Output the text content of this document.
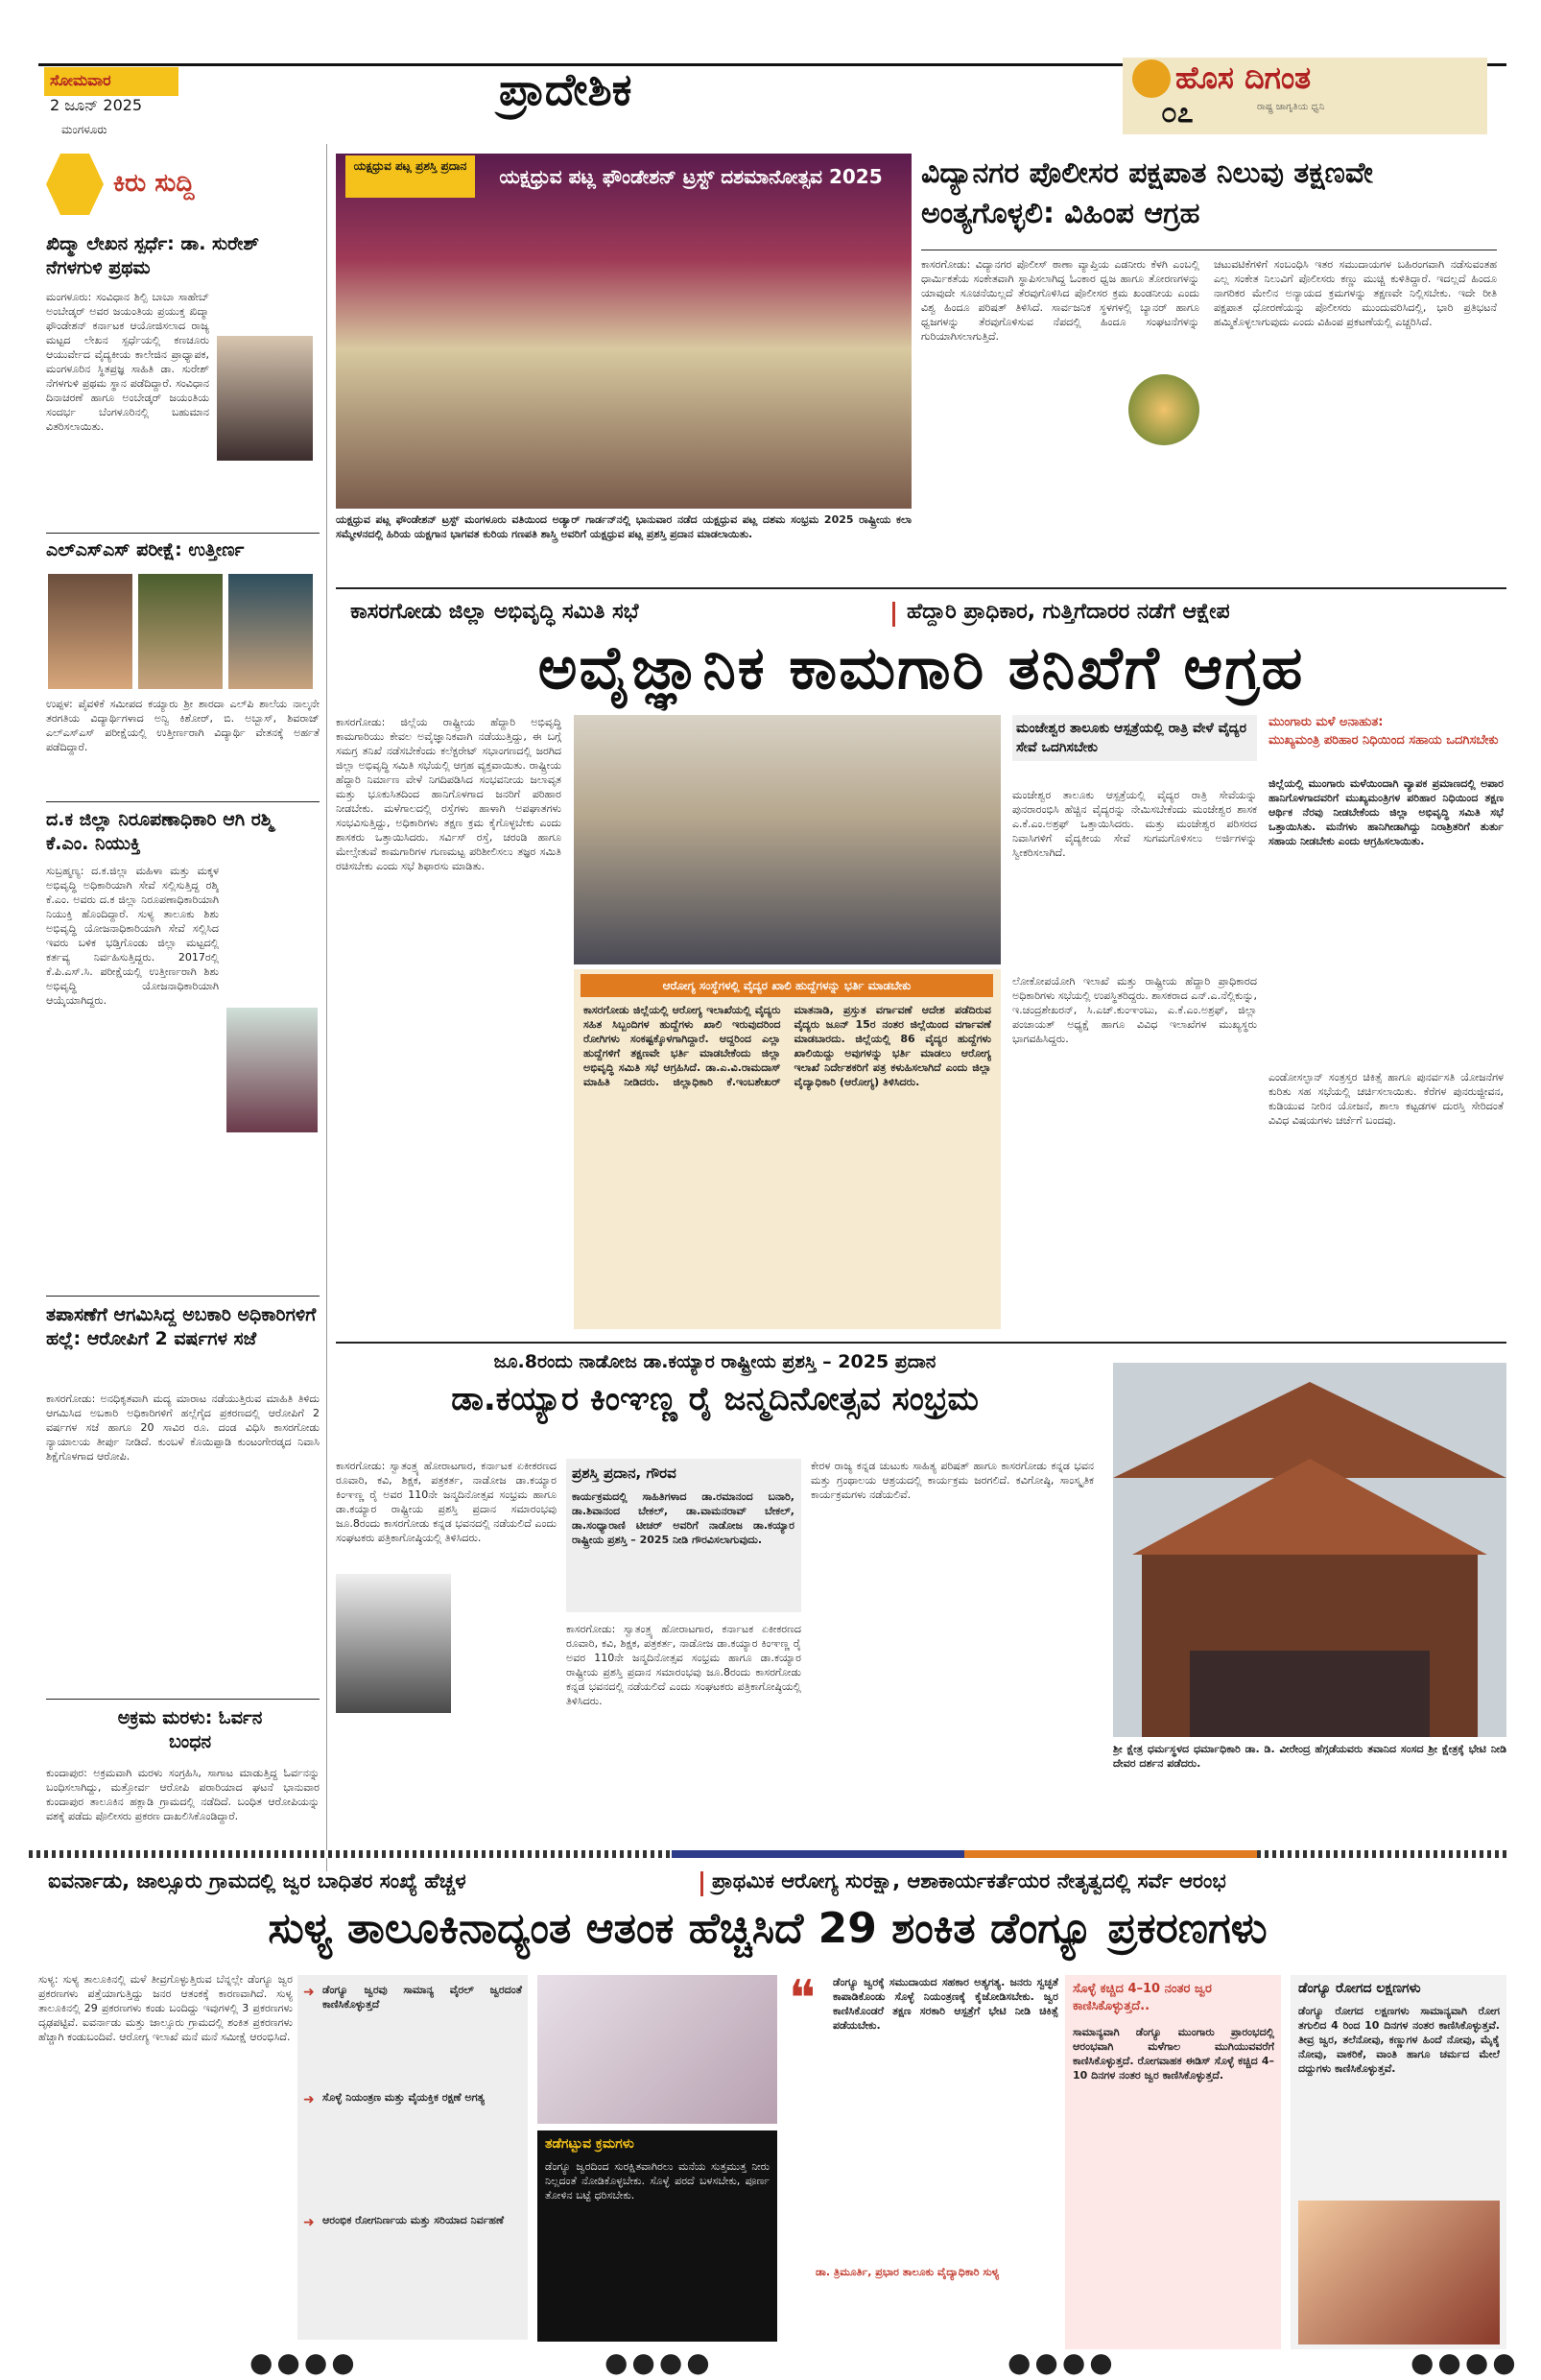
ಸೋಮವಾರ
2 ಜೂನ್ 2025
ಮಂಗಳೂರು
ಪ್ರಾದೇಶಿಕ	ಹೊಸ ದಿಗಂತ
ರಾಷ್ಟ್ರ ಜಾಗೃತಿಯ ಧ್ವನಿ
೦೭
ಕಿರು ಸುದ್ದಿ
ಖಿದ್ಮಾ ಲೇಖನ ಸ್ಪರ್ಧೆ: ಡಾ. ಸುರೇಶ್ ನೆಗಳಗುಳಿ ಪ್ರಥಮ
ಮಂಗಳೂರು: ಸಂವಿಧಾನ ಶಿಲ್ಪಿ ಬಾಬಾ ಸಾಹೇಬ್ ಅಂಬೇಡ್ಕರ್ ಅವರ ಜಯಂತಿಯ ಪ್ರಯುಕ್ತ ಖಿದ್ಮಾ ಫೌಂಡೇಶನ್ ಕರ್ನಾಟಕ ಆಯೋಜಿಸಲಾದ ರಾಜ್ಯ ಮಟ್ಟದ ಲೇಖನ ಸ್ಪರ್ಧೆಯಲ್ಲಿ ಕಣಚೂರು ಆಯುರ್ವೇದ ವೈದ್ಯಕೀಯ ಕಾಲೇಜಿನ ಪ್ರಾಧ್ಯಾಪಕ, ಮಂಗಳೂರಿನ ಸ್ಥಿತಪ್ರಜ್ಞ ಸಾಹಿತಿ ಡಾ. ಸುರೇಶ್ ನೆಗಳಗುಳಿ ಪ್ರಥಮ ಸ್ಥಾನ ಪಡೆದಿದ್ದಾರೆ. ಸಂವಿಧಾನ ದಿನಾಚರಣೆ ಹಾಗೂ ಅಂಬೇಡ್ಕರ್ ಜಯಂತಿಯ ಸಂದರ್ಭ ಬೆಂಗಳೂರಿನಲ್ಲಿ ಬಹುಮಾನ ವಿತರಿಸಲಾಯಿತು.
ಎಲ್‌ಎಸ್‌ಎಸ್ ಪರೀಕ್ಷೆ: ಉತ್ತೀರ್ಣ
ಉಪ್ಪಳ: ಪೈವಳಿಕೆ ಸಮೀಪದ ಕಯ್ಯಾರು ಶ್ರೀ ಶಾರದಾ ಎಲ್‌ಪಿ ಶಾಲೆಯ ನಾಲ್ಕನೇ ತರಗತಿಯ ವಿದ್ಯಾರ್ಥಿಗಳಾದ ಅನ್ವಿ ಕಿಶೋರ್, ಬಿ. ಅಬ್ಬಾಸ್, ಶಿವರಾಜ್ ಎಲ್‌ಎಸ್‌ಎಸ್ ಪರೀಕ್ಷೆಯಲ್ಲಿ ಉತ್ತೀರ್ಣರಾಗಿ ವಿದ್ಯಾರ್ಥಿ ವೇತನಕ್ಕೆ ಅರ್ಹತೆ ಪಡೆದಿದ್ದಾರೆ.
ದ.ಕ ಜಿಲ್ಲಾ ನಿರೂಪಣಾಧಿಕಾರಿ ಆಗಿ ರಶ್ಮಿ ಕೆ.ಎಂ. ನಿಯುಕ್ತಿ
ಸುಬ್ರಹ್ಮಣ್ಯ: ದ.ಕ.ಜಿಲ್ಲಾ ಮಹಿಳಾ ಮತ್ತು ಮಕ್ಕಳ ಅಭಿವೃದ್ಧಿ ಅಧಿಕಾರಿಯಾಗಿ ಸೇವೆ ಸಲ್ಲಿಸುತ್ತಿದ್ದ ರಶ್ಮಿ ಕೆ.ಎಂ. ಅವರು ದ.ಕ ಜಿಲ್ಲಾ ನಿರೂಪಣಾಧಿಕಾರಿಯಾಗಿ ನಿಯುಕ್ತಿ ಹೊಂದಿದ್ದಾರೆ. ಸುಳ್ಯ ತಾಲೂಕು ಶಿಶು ಅಭಿವೃದ್ಧಿ ಯೋಜನಾಧಿಕಾರಿಯಾಗಿ ಸೇವೆ ಸಲ್ಲಿಸಿದ ಇವರು ಬಳಿಕ ಭಡ್ತಿಗೊಂಡು ಜಿಲ್ಲಾ ಮಟ್ಟದಲ್ಲಿ ಕರ್ತವ್ಯ ನಿರ್ವಹಿಸುತ್ತಿದ್ದರು. 2017ರಲ್ಲಿ ಕೆ.ಪಿ.ಎಸ್.ಸಿ. ಪರೀಕ್ಷೆಯಲ್ಲಿ ಉತ್ತೀರ್ಣರಾಗಿ ಶಿಶು ಅಭಿವೃದ್ಧಿ ಯೋಜನಾಧಿಕಾರಿಯಾಗಿ ಆಯ್ಕೆಯಾಗಿದ್ದರು.
ತಪಾಸಣೆಗೆ ಆಗಮಿಸಿದ್ದ ಅಬಕಾರಿ ಅಧಿಕಾರಿಗಳಿಗೆ ಹಲ್ಲೆ: ಆರೋಪಿಗೆ 2 ವರ್ಷಗಳ ಸಜೆ
ಕಾಸರಗೋಡು: ಅನಧಿಕೃತವಾಗಿ ಮದ್ಯ ಮಾರಾಟ ನಡೆಯುತ್ತಿರುವ ಮಾಹಿತಿ ತಿಳಿದು ಆಗಮಿಸಿದ ಅಬಕಾರಿ ಅಧಿಕಾರಿಗಳಿಗೆ ಹಲ್ಲೆಗೈದ ಪ್ರಕರಣದಲ್ಲಿ ಆರೋಪಿಗೆ 2 ವರ್ಷಗಳ ಸಜೆ ಹಾಗೂ 20 ಸಾವಿರ ರೂ. ದಂಡ ವಿಧಿಸಿ ಕಾಸರಗೋಡು ನ್ಯಾಯಾಲಯ ತೀರ್ಪು ನೀಡಿದೆ. ಕುಂಬಳೆ ಕೊಯಿಪ್ಪಾಡಿ ಕುಂಟಂಗೇರಡ್ಕದ ನಿವಾಸಿ ಶಿಕ್ಷೆಗೊಳಗಾದ ಆರೋಪಿ.
ಅಕ್ರಮ ಮರಳು: ಓರ್ವನ ಬಂಧನ
ಕುಂದಾಪುರ: ಅಕ್ರಮವಾಗಿ ಮರಳು ಸಂಗ್ರಹಿಸಿ, ಸಾಗಾಟ ಮಾಡುತ್ತಿದ್ದ ಓರ್ವನನ್ನು ಬಂಧಿಸಲಾಗಿದ್ದು, ಮತ್ತೋರ್ವ ಆರೋಪಿ ಪರಾರಿಯಾದ ಘಟನೆ ಭಾನುವಾರ ಕುಂದಾಪುರ ತಾಲೂಕಿನ ಹಕ್ಲಾಡಿ ಗ್ರಾಮದಲ್ಲಿ ನಡೆದಿದೆ. ಬಂಧಿತ ಆರೋಪಿಯನ್ನು ವಶಕ್ಕೆ ಪಡೆದು ಪೊಲೀಸರು ಪ್ರಕರಣ ದಾಖಲಿಸಿಕೊಂಡಿದ್ದಾರೆ.
ಯಕ್ಷಧ್ರುವ ಪಟ್ಲ ಪ್ರಶಸ್ತಿ ಪ್ರದಾನ	ಯಕ್ಷಧ್ರುವ ಪಟ್ಲ ಫೌಂಡೇಶನ್ ಟ್ರಸ್ಟ್ ದಶಮಾನೋತ್ಸವ 2025
ಯಕ್ಷಧ್ರುವ ಪಟ್ಲ ಫೌಂಡೇಶನ್ ಟ್ರಸ್ಟ್ ಮಂಗಳೂರು ವತಿಯಿಂದ ಅಡ್ಯಾರ್ ಗಾರ್ಡನ್‌ನಲ್ಲಿ ಭಾನುವಾರ ನಡೆದ ಯಕ್ಷಧ್ರುವ ಪಟ್ಲ ದಶಮ ಸಂಭ್ರಮ 2025 ರಾಷ್ಟ್ರೀಯ ಕಲಾ ಸಮ್ಮೇಳನದಲ್ಲಿ ಹಿರಿಯ ಯಕ್ಷಗಾನ ಭಾಗವತ ಕುರಿಯ ಗಣಪತಿ ಶಾಸ್ತ್ರಿ ಅವರಿಗೆ ಯಕ್ಷಧ್ರುವ ಪಟ್ಲ ಪ್ರಶಸ್ತಿ ಪ್ರದಾನ ಮಾಡಲಾಯಿತು.
ವಿದ್ಯಾನಗರ ಪೊಲೀಸರ ಪಕ್ಷಪಾತ ನಿಲುವು ತಕ್ಷಣವೇ ಅಂತ್ಯಗೊಳ್ಳಲಿ: ವಿಹಿಂಪ ಆಗ್ರಹ
ಕಾಸರಗೋಡು: ವಿದ್ಯಾನಗರ ಪೊಲೀಸ್ ಠಾಣಾ ವ್ಯಾಪ್ತಿಯ ಎಡನೀರು ಕೆಳಗಿ ಎಂಬಲ್ಲಿ ಧಾರ್ಮಿಕತೆಯ ಸಂಕೇತವಾಗಿ ಸ್ಥಾಪಿಸಲಾಗಿದ್ದ ಓಂಕಾರ ಧ್ವಜ ಹಾಗೂ ತೋರಣಗಳನ್ನು ಯಾವುದೇ ಸೂಚನೆಯಿಲ್ಲದೆ ತೆರವುಗೊಳಿಸಿದ ಪೊಲೀಸರ ಕ್ರಮ ಖಂಡನೀಯ ಎಂದು ವಿಶ್ವ ಹಿಂದೂ ಪರಿಷತ್ ತಿಳಿಸಿದೆ. ಸಾರ್ವಜನಿಕ ಸ್ಥಳಗಳಲ್ಲಿ ಬ್ಯಾನರ್ ಹಾಗೂ ಧ್ವಜಗಳನ್ನು ತೆರವುಗೊಳಿಸುವ ನೆಪದಲ್ಲಿ ಹಿಂದೂ ಸಂಘಟನೆಗಳನ್ನು ಗುರಿಯಾಗಿಸಲಾಗುತ್ತಿದೆ.
ಚಟುವಟಿಕೆಗಳಿಗೆ ಸಂಬಂಧಿಸಿ ಇತರ ಸಮುದಾಯಗಳ ಬಹಿರಂಗವಾಗಿ ನಡೆಸುವಂತಹ ಎಲ್ಲ ಸಂಕೇತ ನಿಲುವಿಗೆ ಪೊಲೀಸರು ಕಣ್ಣು ಮುಚ್ಚಿ ಕುಳಿತಿದ್ದಾರೆ. ಇದಲ್ಲದೆ ಹಿಂದೂ ನಾಗರಿಕರ ಮೇಲಿನ ಅನ್ಯಾಯದ ಕ್ರಮಗಳನ್ನು ತಕ್ಷಣವೇ ನಿಲ್ಲಿಸಬೇಕು. ಇದೇ ರೀತಿ ಪಕ್ಷಪಾತ ಧೋರಣೆಯನ್ನು ಪೊಲೀಸರು ಮುಂದುವರಿಸಿದಲ್ಲಿ, ಭಾರಿ ಪ್ರತಿಭಟನೆ ಹಮ್ಮಿಕೊಳ್ಳಲಾಗುವುದು ಎಂದು ವಿಹಿಂಪ ಪ್ರಕಟಣೆಯಲ್ಲಿ ಎಚ್ಚರಿಸಿದೆ.
ಕಾಸರಗೋಡು ಜಿಲ್ಲಾ ಅಭಿವೃದ್ಧಿ ಸಮಿತಿ ಸಭೆ	ಹೆದ್ದಾರಿ ಪ್ರಾಧಿಕಾರ, ಗುತ್ತಿಗೆದಾರರ ನಡೆಗೆ ಆಕ್ಷೇಪ
ಅವೈಜ್ಞಾನಿಕ ಕಾಮಗಾರಿ ತನಿಖೆಗೆ ಆಗ್ರಹ
ಕಾಸರಗೋಡು: ಜಿಲ್ಲೆಯ ರಾಷ್ಟ್ರೀಯ ಹೆದ್ದಾರಿ ಅಭಿವೃದ್ಧಿ ಕಾಮಗಾರಿಯು ಕೇವಲ ಅವೈಜ್ಞಾನಿಕವಾಗಿ ನಡೆಯುತ್ತಿದ್ದು, ಈ ಬಗ್ಗೆ ಸಮಗ್ರ ತನಿಖೆ ನಡೆಸಬೇಕೆಂದು ಕಲೆಕ್ಟರೇಟ್ ಸಭಾಂಗಣದಲ್ಲಿ ಜರಗಿದ ಜಿಲ್ಲಾ ಅಭಿವೃದ್ಧಿ ಸಮಿತಿ ಸಭೆಯಲ್ಲಿ ಆಗ್ರಹ ವ್ಯಕ್ತವಾಯಿತು. ರಾಷ್ಟ್ರೀಯ ಹೆದ್ದಾರಿ ನಿರ್ಮಾಣ ವೇಳೆ ನಿಗದಿಪಡಿಸಿದ ಸಂಭವನೀಯ ಜಲಾವೃತ ಮತ್ತು ಭೂಕುಸಿತದಿಂದ ಹಾನಿಗೊಳಗಾದ ಜನರಿಗೆ ಪರಿಹಾರ ನೀಡಬೇಕು. ಮಳೆಗಾಲದಲ್ಲಿ ರಸ್ತೆಗಳು ಹಾಳಾಗಿ ಅಪಘಾತಗಳು ಸಂಭವಿಸುತ್ತಿದ್ದು, ಅಧಿಕಾರಿಗಳು ತಕ್ಷಣ ಕ್ರಮ ಕೈಗೊಳ್ಳಬೇಕು ಎಂದು ಶಾಸಕರು ಒತ್ತಾಯಿಸಿದರು. ಸರ್ವಿಸ್ ರಸ್ತೆ, ಚರಂಡಿ ಹಾಗೂ ಮೇಲ್ಸೇತುವೆ ಕಾಮಗಾರಿಗಳ ಗುಣಮಟ್ಟ ಪರಿಶೀಲಿಸಲು ತಜ್ಞರ ಸಮಿತಿ ರಚಿಸಬೇಕು ಎಂದು ಸಭೆ ಶಿಫಾರಸು ಮಾಡಿತು.
ಆರೋಗ್ಯ ಸಂಸ್ಥೆಗಳಲ್ಲಿ ವೈದ್ಯರ ಖಾಲಿ ಹುದ್ದೆಗಳನ್ನು ಭರ್ತಿ ಮಾಡಬೇಕು
ಕಾಸರಗೋಡು ಜಿಲ್ಲೆಯಲ್ಲಿ ಆರೋಗ್ಯ ಇಲಾಖೆಯಲ್ಲಿ ವೈದ್ಯರು ಸಹಿತ ಸಿಬ್ಬಂದಿಗಳ ಹುದ್ದೆಗಳು ಖಾಲಿ ಇರುವುದರಿಂದ ರೋಗಿಗಳು ಸಂಕಷ್ಟಕ್ಕೊಳಗಾಗಿದ್ದಾರೆ. ಆದ್ದರಿಂದ ಎಲ್ಲಾ ಹುದ್ದೆಗಳಿಗೆ ತಕ್ಷಣವೇ ಭರ್ತಿ ಮಾಡಬೇಕೆಂದು ಜಿಲ್ಲಾ ಅಭಿವೃದ್ಧಿ ಸಮಿತಿ ಸಭೆ ಆಗ್ರಹಿಸಿದೆ. ಡಾ.ಎ.ವಿ.ರಾಮದಾಸ್ ಮಾಹಿತಿ ನೀಡಿದರು. ಜಿಲ್ಲಾಧಿಕಾರಿ ಕೆ.ಇಂಬಶೇಖರ್ ಮಾತನಾಡಿ, ಪ್ರಸ್ತುತ ವರ್ಗಾವಣೆ ಆದೇಶ ಪಡೆದಿರುವ ವೈದ್ಯರು ಜೂನ್ 15ರ ನಂತರ ಜಿಲ್ಲೆಯಿಂದ ವರ್ಗಾವಣೆ ಮಾಡಬಾರದು. ಜಿಲ್ಲೆಯಲ್ಲಿ 86 ವೈದ್ಯರ ಹುದ್ದೆಗಳು ಖಾಲಿಯಿದ್ದು ಅವುಗಳನ್ನು ಭರ್ತಿ ಮಾಡಲು ಆರೋಗ್ಯ ಇಲಾಖೆ ನಿರ್ದೇಶಕರಿಗೆ ಪತ್ರ ಕಳುಹಿಸಲಾಗಿದೆ ಎಂದು ಜಿಲ್ಲಾ ವೈದ್ಯಾಧಿಕಾರಿ (ಆರೋಗ್ಯ) ತಿಳಿಸಿದರು.
ಮಂಜೇಶ್ವರ ತಾಲೂಕು ಆಸ್ಪತ್ರೆಯಲ್ಲಿ ರಾತ್ರಿ ವೇಳೆ ವೈದ್ಯರ ಸೇವೆ ಒದಗಿಸಬೇಕು
ಮಂಜೇಶ್ವರ ತಾಲೂಕು ಆಸ್ಪತ್ರೆಯಲ್ಲಿ ವೈದ್ಯರ ರಾತ್ರಿ ಸೇವೆಯನ್ನು ಪುನರಾರಂಭಿಸಿ ಹೆಚ್ಚಿನ ವೈದ್ಯರನ್ನು ನೇಮಿಸಬೇಕೆಂದು ಮಂಜೇಶ್ವರ ಶಾಸಕ ಎ.ಕೆ.ಎಂ.ಅಶ್ರಫ್ ಒತ್ತಾಯಿಸಿದರು. ಮತ್ತು ಮಂಜೇಶ್ವರ ಪರಿಸರದ ನಿವಾಸಿಗಳಿಗೆ ವೈದ್ಯಕೀಯ ಸೇವೆ ಸುಗಮಗೊಳಿಸಲು ಅರ್ಜಿಗಳನ್ನು ಸ್ವೀಕರಿಸಲಾಗಿದೆ.
ಲೋಕೋಪಯೋಗಿ ಇಲಾಖೆ ಮತ್ತು ರಾಷ್ಟ್ರೀಯ ಹೆದ್ದಾರಿ ಪ್ರಾಧಿಕಾರದ ಅಧಿಕಾರಿಗಳು ಸಭೆಯಲ್ಲಿ ಉಪಸ್ಥಿತರಿದ್ದರು. ಶಾಸಕರಾದ ಎನ್.ಎ.ನೆಲ್ಲಿಕುನ್ನು, ಇ.ಚಂದ್ರಶೇಖರನ್, ಸಿ.ಎಚ್.ಕುಂಞಂಬು, ಎ.ಕೆ.ಎಂ.ಅಶ್ರಫ್, ಜಿಲ್ಲಾ ಪಂಚಾಯತ್ ಅಧ್ಯಕ್ಷೆ ಹಾಗೂ ವಿವಿಧ ಇಲಾಖೆಗಳ ಮುಖ್ಯಸ್ಥರು ಭಾಗವಹಿಸಿದ್ದರು.
ಮುಂಗಾರು ಮಳೆ ಅನಾಹುತ:
ಮುಖ್ಯಮಂತ್ರಿ ಪರಿಹಾರ ನಿಧಿಯಿಂದ ಸಹಾಯ ಒದಗಿಸಬೇಕು
ಜಿಲ್ಲೆಯಲ್ಲಿ ಮುಂಗಾರು ಮಳೆಯಿಂದಾಗಿ ವ್ಯಾಪಕ ಪ್ರಮಾಣದಲ್ಲಿ ಅಪಾರ ಹಾನಿಗೊಳಗಾದವರಿಗೆ ಮುಖ್ಯಮಂತ್ರಿಗಳ ಪರಿಹಾರ ನಿಧಿಯಿಂದ ತಕ್ಷಣ ಆರ್ಥಿಕ ನೆರವು ನೀಡಬೇಕೆಂದು ಜಿಲ್ಲಾ ಅಭಿವೃದ್ಧಿ ಸಮಿತಿ ಸಭೆ ಒತ್ತಾಯಿಸಿತು. ಮನೆಗಳು ಹಾನಿಗೀಡಾಗಿದ್ದು ನಿರಾಶ್ರಿತರಿಗೆ ತುರ್ತು ಸಹಾಯ ನೀಡಬೇಕು ಎಂದು ಆಗ್ರಹಿಸಲಾಯಿತು.
ಎಂಡೋಸಲ್ಫಾನ್ ಸಂತ್ರಸ್ತರ ಚಿಕಿತ್ಸೆ ಹಾಗೂ ಪುನರ್ವಸತಿ ಯೋಜನೆಗಳ ಕುರಿತು ಸಹ ಸಭೆಯಲ್ಲಿ ಚರ್ಚಿಸಲಾಯಿತು. ಕೆರೆಗಳ ಪುನರುಜ್ಜೀವನ, ಕುಡಿಯುವ ನೀರಿನ ಯೋಜನೆ, ಶಾಲಾ ಕಟ್ಟಡಗಳ ದುರಸ್ತಿ ಸೇರಿದಂತೆ ವಿವಿಧ ವಿಷಯಗಳು ಚರ್ಚೆಗೆ ಬಂದವು.
ಜೂ.8ರಂದು ನಾಡೋಜ ಡಾ.ಕಯ್ಯಾರ ರಾಷ್ಟ್ರೀಯ ಪ್ರಶಸ್ತಿ – 2025 ಪ್ರದಾನ
ಡಾ.ಕಯ್ಯಾರ ಕಿಂಞಣ್ಣ ರೈ ಜನ್ಮದಿನೋತ್ಸವ ಸಂಭ್ರಮ
ಕಾಸರಗೋಡು: ಸ್ವಾತಂತ್ರ್ಯ ಹೋರಾಟಗಾರ, ಕರ್ನಾಟಕ ಏಕೀಕರಣದ ರೂವಾರಿ, ಕವಿ, ಶಿಕ್ಷಕ, ಪತ್ರಕರ್ತ, ನಾಡೋಜ ಡಾ.ಕಯ್ಯಾರ ಕಿಂಞಣ್ಣ ರೈ ಅವರ 110ನೇ ಜನ್ಮದಿನೋತ್ಸವ ಸಂಭ್ರಮ ಹಾಗೂ ಡಾ.ಕಯ್ಯಾರ ರಾಷ್ಟ್ರೀಯ ಪ್ರಶಸ್ತಿ ಪ್ರದಾನ ಸಮಾರಂಭವು ಜೂ.8ರಂದು ಕಾಸರಗೋಡು ಕನ್ನಡ ಭವನದಲ್ಲಿ ನಡೆಯಲಿದೆ ಎಂದು ಸಂಘಟಕರು ಪತ್ರಿಕಾಗೋಷ್ಠಿಯಲ್ಲಿ ತಿಳಿಸಿದರು.
ಪ್ರಶಸ್ತಿ ಪ್ರದಾನ, ಗೌರವ
ಕಾರ್ಯಕ್ರಮದಲ್ಲಿ ಸಾಹಿತಿಗಳಾದ ಡಾ.ರಮಾನಂದ ಬನಾರಿ, ಡಾ.ಶಿವಾನಂದ ಬೇಕಲ್, ಡಾ.ವಾಮನರಾವ್ ಬೇಕಲ್, ಡಾ.ಸಂಧ್ಯಾರಾಣಿ ಟೀಚರ್ ಅವರಿಗೆ ನಾಡೋಜ ಡಾ.ಕಯ್ಯಾರ ರಾಷ್ಟ್ರೀಯ ಪ್ರಶಸ್ತಿ – 2025 ನೀಡಿ ಗೌರವಿಸಲಾಗುವುದು.
ಕಾಸರಗೋಡು: ಸ್ವಾತಂತ್ರ್ಯ ಹೋರಾಟಗಾರ, ಕರ್ನಾಟಕ ಏಕೀಕರಣದ ರೂವಾರಿ, ಕವಿ, ಶಿಕ್ಷಕ, ಪತ್ರಕರ್ತ, ನಾಡೋಜ ಡಾ.ಕಯ್ಯಾರ ಕಿಂಞಣ್ಣ ರೈ ಅವರ 110ನೇ ಜನ್ಮದಿನೋತ್ಸವ ಸಂಭ್ರಮ ಹಾಗೂ ಡಾ.ಕಯ್ಯಾರ ರಾಷ್ಟ್ರೀಯ ಪ್ರಶಸ್ತಿ ಪ್ರದಾನ ಸಮಾರಂಭವು ಜೂ.8ರಂದು ಕಾಸರಗೋಡು ಕನ್ನಡ ಭವನದಲ್ಲಿ ನಡೆಯಲಿದೆ ಎಂದು ಸಂಘಟಕರು ಪತ್ರಿಕಾಗೋಷ್ಠಿಯಲ್ಲಿ ತಿಳಿಸಿದರು.
ಕೇರಳ ರಾಜ್ಯ ಕನ್ನಡ ಚುಟುಕು ಸಾಹಿತ್ಯ ಪರಿಷತ್ ಹಾಗೂ ಕಾಸರಗೋಡು ಕನ್ನಡ ಭವನ ಮತ್ತು ಗ್ರಂಥಾಲಯ ಆಶ್ರಯದಲ್ಲಿ ಕಾರ್ಯಕ್ರಮ ಜರಗಲಿದೆ. ಕವಿಗೋಷ್ಠಿ, ಸಾಂಸ್ಕೃತಿಕ ಕಾರ್ಯಕ್ರಮಗಳು ನಡೆಯಲಿವೆ.
ಶ್ರೀ ಕ್ಷೇತ್ರ ಧರ್ಮಸ್ಥಳದ ಧರ್ಮಾಧಿಕಾರಿ ಡಾ. ಡಿ. ವೀರೇಂದ್ರ ಹೆಗ್ಗಡೆಯವರು ತವಾನಿದ ಸಂಸದ ಶ್ರೀ ಕ್ಷೇತ್ರಕ್ಕೆ ಭೇಟಿ ನೀಡಿ ದೇವರ ದರ್ಶನ ಪಡೆದರು.
ಐವರ್ನಾಡು, ಜಾಲ್ಸೂರು ಗ್ರಾಮದಲ್ಲಿ ಜ್ವರ ಬಾಧಿತರ ಸಂಖ್ಯೆ ಹೆಚ್ಚಳ	ಪ್ರಾಥಮಿಕ ಆರೋಗ್ಯ ಸುರಕ್ಷಾ, ಆಶಾಕಾರ್ಯಕರ್ತೆಯರ ನೇತೃತ್ವದಲ್ಲಿ ಸರ್ವೆ ಆರಂಭ
ಸುಳ್ಯ ತಾಲೂಕಿನಾದ್ಯಂತ ಆತಂಕ ಹೆಚ್ಚಿಸಿದೆ 29 ಶಂಕಿತ ಡೆಂಗ್ಯೂ ಪ್ರಕರಣಗಳು
ಸುಳ್ಯ: ಸುಳ್ಯ ತಾಲೂಕಿನಲ್ಲಿ ಮಳೆ ತೀವ್ರಗೊಳ್ಳುತ್ತಿರುವ ಬೆನ್ನಲ್ಲೇ ಡೆಂಗ್ಯೂ ಜ್ವರ ಪ್ರಕರಣಗಳು ಪತ್ತೆಯಾಗುತ್ತಿದ್ದು ಜನರ ಆತಂಕಕ್ಕೆ ಕಾರಣವಾಗಿದೆ. ಸುಳ್ಯ ತಾಲೂಕಿನಲ್ಲಿ 29 ಪ್ರಕರಣಗಳು ಕಂಡು ಬಂದಿದ್ದು ಇವುಗಳಲ್ಲಿ 3 ಪ್ರಕರಣಗಳು ದೃಢಪಟ್ಟಿವೆ. ಐವರ್ನಾಡು ಮತ್ತು ಜಾಲ್ಸೂರು ಗ್ರಾಮದಲ್ಲಿ ಶಂಕಿತ ಪ್ರಕರಣಗಳು ಹೆಚ್ಚಾಗಿ ಕಂಡುಬಂದಿವೆ. ಆರೋಗ್ಯ ಇಲಾಖೆ ಮನೆ ಮನೆ ಸಮೀಕ್ಷೆ ಆರಂಭಿಸಿದೆ.
➜ ಡೆಂಗ್ಯೂ ಜ್ವರವು ಸಾಮಾನ್ಯ ವೈರಲ್ ಜ್ವರದಂತೆ ಕಾಣಿಸಿಕೊಳ್ಳುತ್ತದೆ
➜ ಸೊಳ್ಳೆ ನಿಯಂತ್ರಣ ಮತ್ತು ವೈಯಕ್ತಿಕ ರಕ್ಷಣೆ ಅಗತ್ಯ
➜ ಆರಂಭಿಕ ರೋಗನಿರ್ಣಯ ಮತ್ತು ಸರಿಯಾದ ನಿರ್ವಹಣೆ
ತಡೆಗಟ್ಟುವ ಕ್ರಮಗಳು
ಡೆಂಗ್ಯೂ ಜ್ವರದಿಂದ ಸುರಕ್ಷಿತವಾಗಿರಲು ಮನೆಯ ಸುತ್ತಮುತ್ತ ನೀರು ನಿಲ್ಲದಂತೆ ನೋಡಿಕೊಳ್ಳಬೇಕು. ಸೊಳ್ಳೆ ಪರದೆ ಬಳಸಬೇಕು, ಪೂರ್ಣ ತೋಳಿನ ಬಟ್ಟೆ ಧರಿಸಬೇಕು.
❝ ಡೆಂಗ್ಯೂ ಜ್ವರಕ್ಕೆ ಸಮುದಾಯದ ಸಹಕಾರ ಅತ್ಯಗತ್ಯ. ಜನರು ಸ್ವಚ್ಛತೆ ಕಾಪಾಡಿಕೊಂಡು ಸೊಳ್ಳೆ ನಿಯಂತ್ರಣಕ್ಕೆ ಕೈಜೋಡಿಸಬೇಕು. ಜ್ವರ ಕಾಣಿಸಿಕೊಂಡರೆ ತಕ್ಷಣ ಸರಕಾರಿ ಆಸ್ಪತ್ರೆಗೆ ಭೇಟಿ ನೀಡಿ ಚಿಕಿತ್ಸೆ ಪಡೆಯಬೇಕು.
ಡಾ. ತ್ರಿಮೂರ್ತಿ, ಪ್ರಭಾರ ತಾಲೂಕು ವೈದ್ಯಾಧಿಕಾರಿ ಸುಳ್ಯ
ಸೊಳ್ಳೆ ಕಚ್ಚಿದ 4–10 ನಂತರ ಜ್ವರ ಕಾಣಿಸಿಕೊಳ್ಳುತ್ತದೆ..
ಸಾಮಾನ್ಯವಾಗಿ ಡೆಂಗ್ಯೂ ಮುಂಗಾರು ಪ್ರಾರಂಭದಲ್ಲಿ ಆರಂಭವಾಗಿ ಮಳೆಗಾಲ ಮುಗಿಯುವವರೆಗೆ ಕಾಣಿಸಿಕೊಳ್ಳುತ್ತದೆ. ರೋಗವಾಹಕ ಈಡಿಸ್ ಸೊಳ್ಳೆ ಕಚ್ಚಿದ 4–10 ದಿನಗಳ ನಂತರ ಜ್ವರ ಕಾಣಿಸಿಕೊಳ್ಳುತ್ತದೆ.
ಡೆಂಗ್ಯೂ ರೋಗದ ಲಕ್ಷಣಗಳು
ಡೆಂಗ್ಯೂ ರೋಗದ ಲಕ್ಷಣಗಳು ಸಾಮಾನ್ಯವಾಗಿ ರೋಗ ತಗುಲಿದ 4 ರಿಂದ 10 ದಿನಗಳ ನಂತರ ಕಾಣಿಸಿಕೊಳ್ಳುತ್ತವೆ. ತೀವ್ರ ಜ್ವರ, ತಲೆನೋವು, ಕಣ್ಣುಗಳ ಹಿಂದೆ ನೋವು, ಮೈಕೈ ನೋವು, ವಾಕರಿಕೆ, ವಾಂತಿ ಹಾಗೂ ಚರ್ಮದ ಮೇಲೆ ದದ್ದುಗಳು ಕಾಣಿಸಿಕೊಳ್ಳುತ್ತವೆ.
●●●●	●●●●	●●●●	●●●●
